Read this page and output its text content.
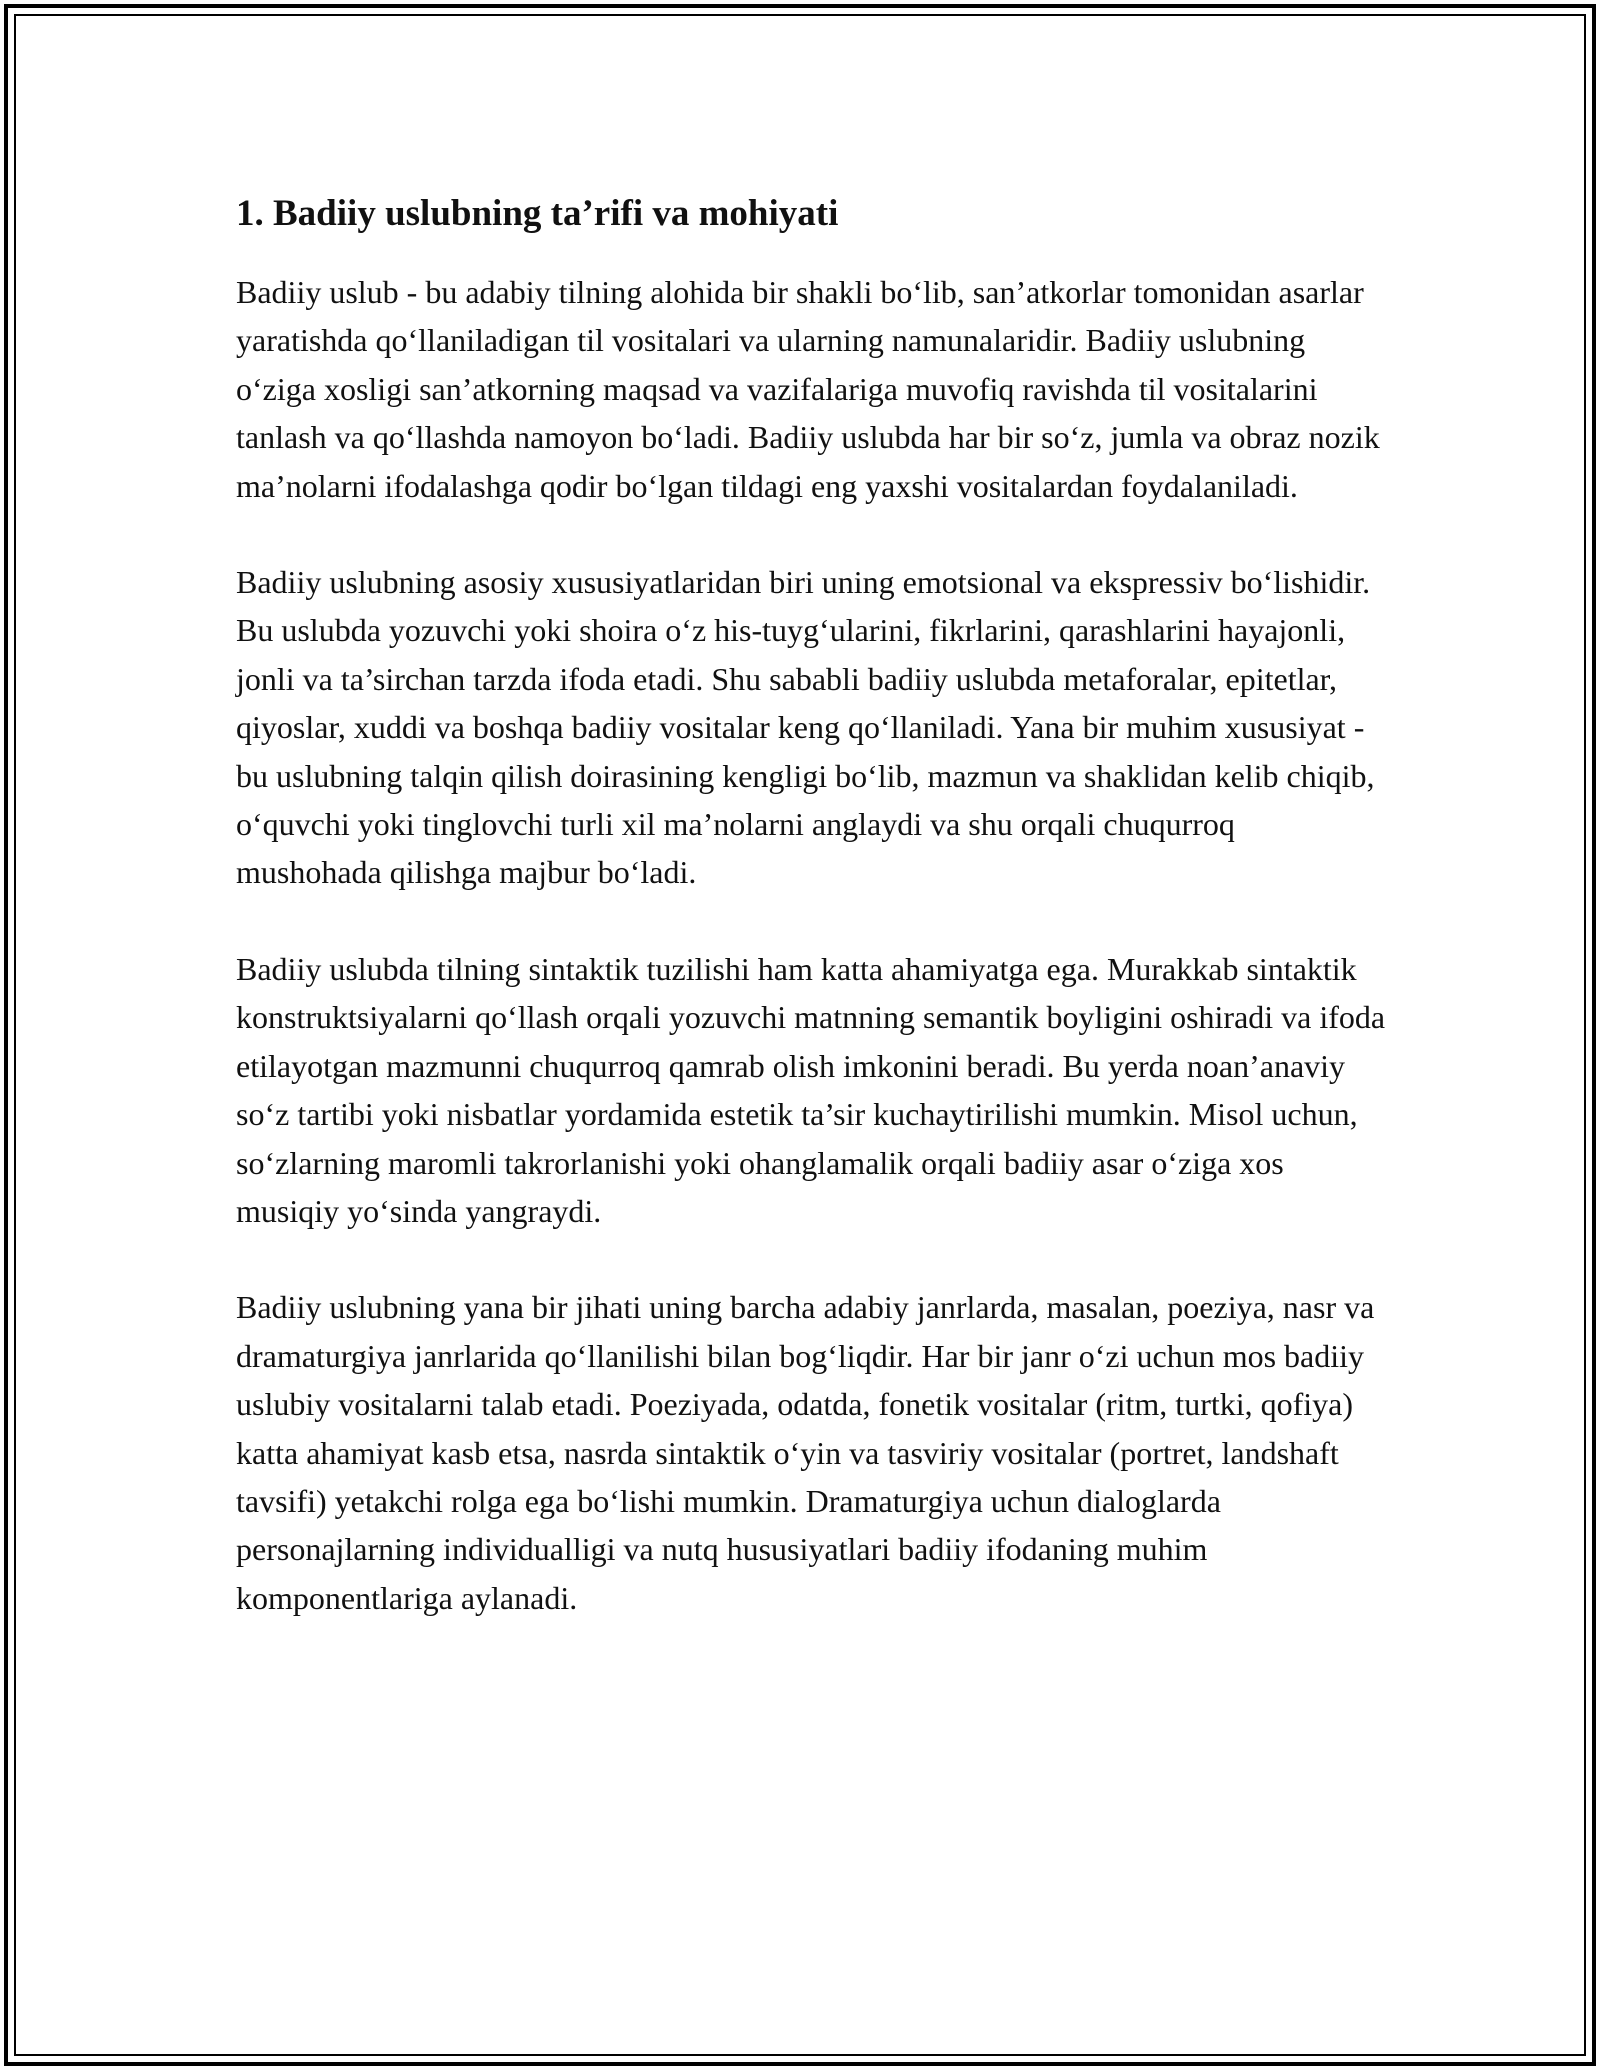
1. Badiiy uslubning ta’rifi va mohiyati

Badiiy uslub - bu adabiy tilning alohida bir shakli bo‘lib, san’atkorlar tomonidan asarlar yaratishda qo‘llaniladigan til vositalari va ularning namunalaridir. Badiiy uslubning o‘ziga xosligi san’atkorning maqsad va vazifalariga muvofiq ravishda til vositalarini tanlash va qo‘llashda namoyon bo‘ladi. Badiiy uslubda har bir so‘z, jumla va obraz nozik ma’nolarni ifodalashga qodir bo‘lgan tildagi eng yaxshi vositalardan foydalaniladi.

Badiiy uslubning asosiy xususiyatlaridan biri uning emotsional va ekspressiv bo‘lishidir. Bu uslubda yozuvchi yoki shoira o‘z his-tuyg‘ularini, fikrlarini, qarashlarini hayajonli, jonli va ta’sirchan tarzda ifoda etadi. Shu sababli badiiy uslubda metaforalar, epitetlar, qiyoslar, xuddi va boshqa badiiy vositalar keng qo‘llaniladi. Yana bir muhim xususiyat - bu uslubning talqin qilish doirasining kengligi bo‘lib, mazmun va shaklidan kelib chiqib, o‘quvchi yoki tinglovchi turli xil ma’nolarni anglaydi va shu orqali chuqurroq mushohada qilishga majbur bo‘ladi.

Badiiy uslubda tilning sintaktik tuzilishi ham katta ahamiyatga ega. Murakkab sintaktik konstruktsiyalarni qo‘llash orqali yozuvchi matnning semantik boyligini oshiradi va ifoda etilayotgan mazmunni chuqurroq qamrab olish imkonini beradi. Bu yerda noan’anaviy so‘z tartibi yoki nisbatlar yordamida estetik ta’sir kuchaytirilishi mumkin. Misol uchun, so‘zlarning maromli takrorlanishi yoki ohanglamalik orqali badiiy asar o‘ziga xos musiqiy yo‘sinda yangraydi.

Badiiy uslubning yana bir jihati uning barcha adabiy janrlarda, masalan, poeziya, nasr va dramaturgiya janrlarida qo‘llanilishi bilan bog‘liqdir. Har bir janr o‘zi uchun mos badiiy uslubiy vositalarni talab etadi. Poeziyada, odatda, fonetik vositalar (ritm, turtki, qofiya) katta ahamiyat kasb etsa, nasrda sintaktik o‘yin va tasviriy vositalar (portret, landshaft tavsifi) yetakchi rolga ega bo‘lishi mumkin. Dramaturgiya uchun dialoglarda personajlarning individualligi va nutq hususiyatlari badiiy ifodaning muhim komponentlariga aylanadi.
